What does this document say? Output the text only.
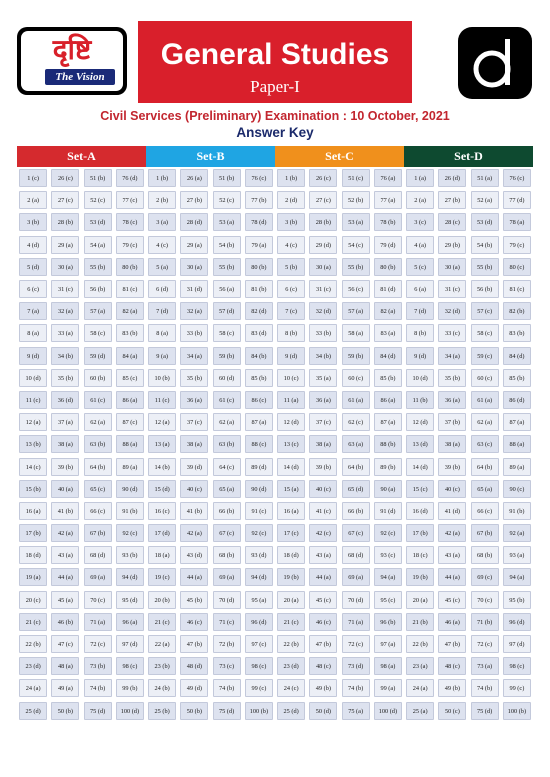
दृष्टि
The Vision
General Studies
Paper-I
Civil Services (Preliminary) Examination : 10 October, 2021
Answer Key
Set-A	Set-B	Set-C	Set-D
1 (c)	26 (c)	51 (b)	76 (d)	1 (b)	26 (a)	51 (b)	76 (c)	1 (b)	26 (c)	51 (c)	76 (a)	1 (a)	26 (d)	51 (a)	76 (c)
2 (a)	27 (c)	52 (c)	77 (c)	2 (b)	27 (b)	52 (c)	77 (b)	2 (d)	27 (c)	52 (b)	77 (a)	2 (a)	27 (b)	52 (a)	77 (d)
3 (b)	28 (b)	53 (d)	78 (c)	3 (a)	28 (d)	53 (a)	78 (d)	3 (b)	28 (b)	53 (a)	78 (b)	3 (c)	28 (c)	53 (d)	78 (a)
4 (d)	29 (a)	54 (a)	79 (c)	4 (c)	29 (a)	54 (b)	79 (a)	4 (c)	29 (d)	54 (c)	79 (d)	4 (a)	29 (b)	54 (b)	79 (c)
5 (d)	30 (a)	55 (b)	80 (b)	5 (a)	30 (a)	55 (b)	80 (b)	5 (b)	30 (a)	55 (b)	80 (b)	5 (c)	30 (a)	55 (b)	80 (c)
6 (c)	31 (c)	56 (b)	81 (c)	6 (d)	31 (d)	56 (a)	81 (b)	6 (c)	31 (c)	56 (c)	81 (d)	6 (a)	31 (c)	56 (b)	81 (c)
7 (a)	32 (a)	57 (a)	82 (a)	7 (d)	32 (a)	57 (d)	82 (d)	7 (c)	32 (d)	57 (a)	82 (a)	7 (d)	32 (d)	57 (c)	82 (b)
8 (a)	33 (a)	58 (c)	83 (b)	8 (a)	33 (b)	58 (c)	83 (d)	8 (b)	33 (b)	58 (a)	83 (a)	8 (b)	33 (c)	58 (c)	83 (b)
9 (d)	34 (b)	59 (d)	84 (a)	9 (a)	34 (a)	59 (b)	84 (b)	9 (d)	34 (b)	59 (b)	84 (d)	9 (d)	34 (a)	59 (c)	84 (d)
10 (d)	35 (b)	60 (b)	85 (c)	10 (b)	35 (b)	60 (d)	85 (b)	10 (c)	35 (a)	60 (c)	85 (b)	10 (d)	35 (b)	60 (c)	85 (b)
11 (c)	36 (d)	61 (c)	86 (a)	11 (c)	36 (a)	61 (c)	86 (c)	11 (a)	36 (a)	61 (a)	86 (a)	11 (b)	36 (a)	61 (a)	86 (d)
12 (a)	37 (a)	62 (a)	87 (c)	12 (a)	37 (c)	62 (a)	87 (a)	12 (d)	37 (c)	62 (c)	87 (a)	12 (d)	37 (b)	62 (a)	87 (a)
13 (b)	38 (a)	63 (b)	88 (a)	13 (a)	38 (a)	63 (b)	88 (c)	13 (c)	38 (a)	63 (a)	88 (b)	13 (d)	38 (a)	63 (c)	88 (a)
14 (c)	39 (b)	64 (b)	89 (a)	14 (b)	39 (d)	64 (c)	89 (d)	14 (d)	39 (b)	64 (b)	89 (b)	14 (d)	39 (b)	64 (b)	89 (a)
15 (b)	40 (a)	65 (c)	90 (d)	15 (d)	40 (c)	65 (a)	90 (d)	15 (a)	40 (c)	65 (d)	90 (a)	15 (c)	40 (c)	65 (a)	90 (c)
16 (a)	41 (b)	66 (c)	91 (b)	16 (c)	41 (b)	66 (b)	91 (c)	16 (a)	41 (c)	66 (b)	91 (d)	16 (d)	41 (d)	66 (c)	91 (b)
17 (b)	42 (a)	67 (b)	92 (c)	17 (d)	42 (a)	67 (c)	92 (c)	17 (c)	42 (c)	67 (c)	92 (c)	17 (b)	42 (a)	67 (b)	92 (a)
18 (d)	43 (a)	68 (d)	93 (b)	18 (a)	43 (d)	68 (b)	93 (d)	18 (d)	43 (a)	68 (d)	93 (c)	18 (c)	43 (a)	68 (b)	93 (a)
19 (a)	44 (a)	69 (a)	94 (d)	19 (c)	44 (a)	69 (a)	94 (d)	19 (b)	44 (a)	69 (a)	94 (a)	19 (b)	44 (a)	69 (c)	94 (a)
20 (c)	45 (a)	70 (c)	95 (d)	20 (b)	45 (b)	70 (d)	95 (a)	20 (a)	45 (c)	70 (d)	95 (c)	20 (a)	45 (c)	70 (c)	95 (b)
21 (c)	46 (b)	71 (a)	96 (a)	21 (c)	46 (c)	71 (c)	96 (d)	21 (c)	46 (c)	71 (a)	96 (b)	21 (b)	46 (a)	71 (b)	96 (d)
22 (b)	47 (c)	72 (c)	97 (d)	22 (a)	47 (b)	72 (b)	97 (c)	22 (b)	47 (b)	72 (c)	97 (a)	22 (b)	47 (b)	72 (c)	97 (d)
23 (d)	48 (a)	73 (b)	98 (c)	23 (b)	48 (d)	73 (c)	98 (c)	23 (d)	48 (c)	73 (d)	98 (a)	23 (a)	48 (c)	73 (a)	98 (c)
24 (a)	49 (a)	74 (b)	99 (b)	24 (b)	49 (d)	74 (b)	99 (c)	24 (c)	49 (b)	74 (b)	99 (a)	24 (a)	49 (b)	74 (b)	99 (c)
25 (d)	50 (b)	75 (d)	100 (d)	25 (b)	50 (b)	75 (d)	100 (b)	25 (d)	50 (d)	75 (a)	100 (d)	25 (a)	50 (c)	75 (d)	100 (b)
